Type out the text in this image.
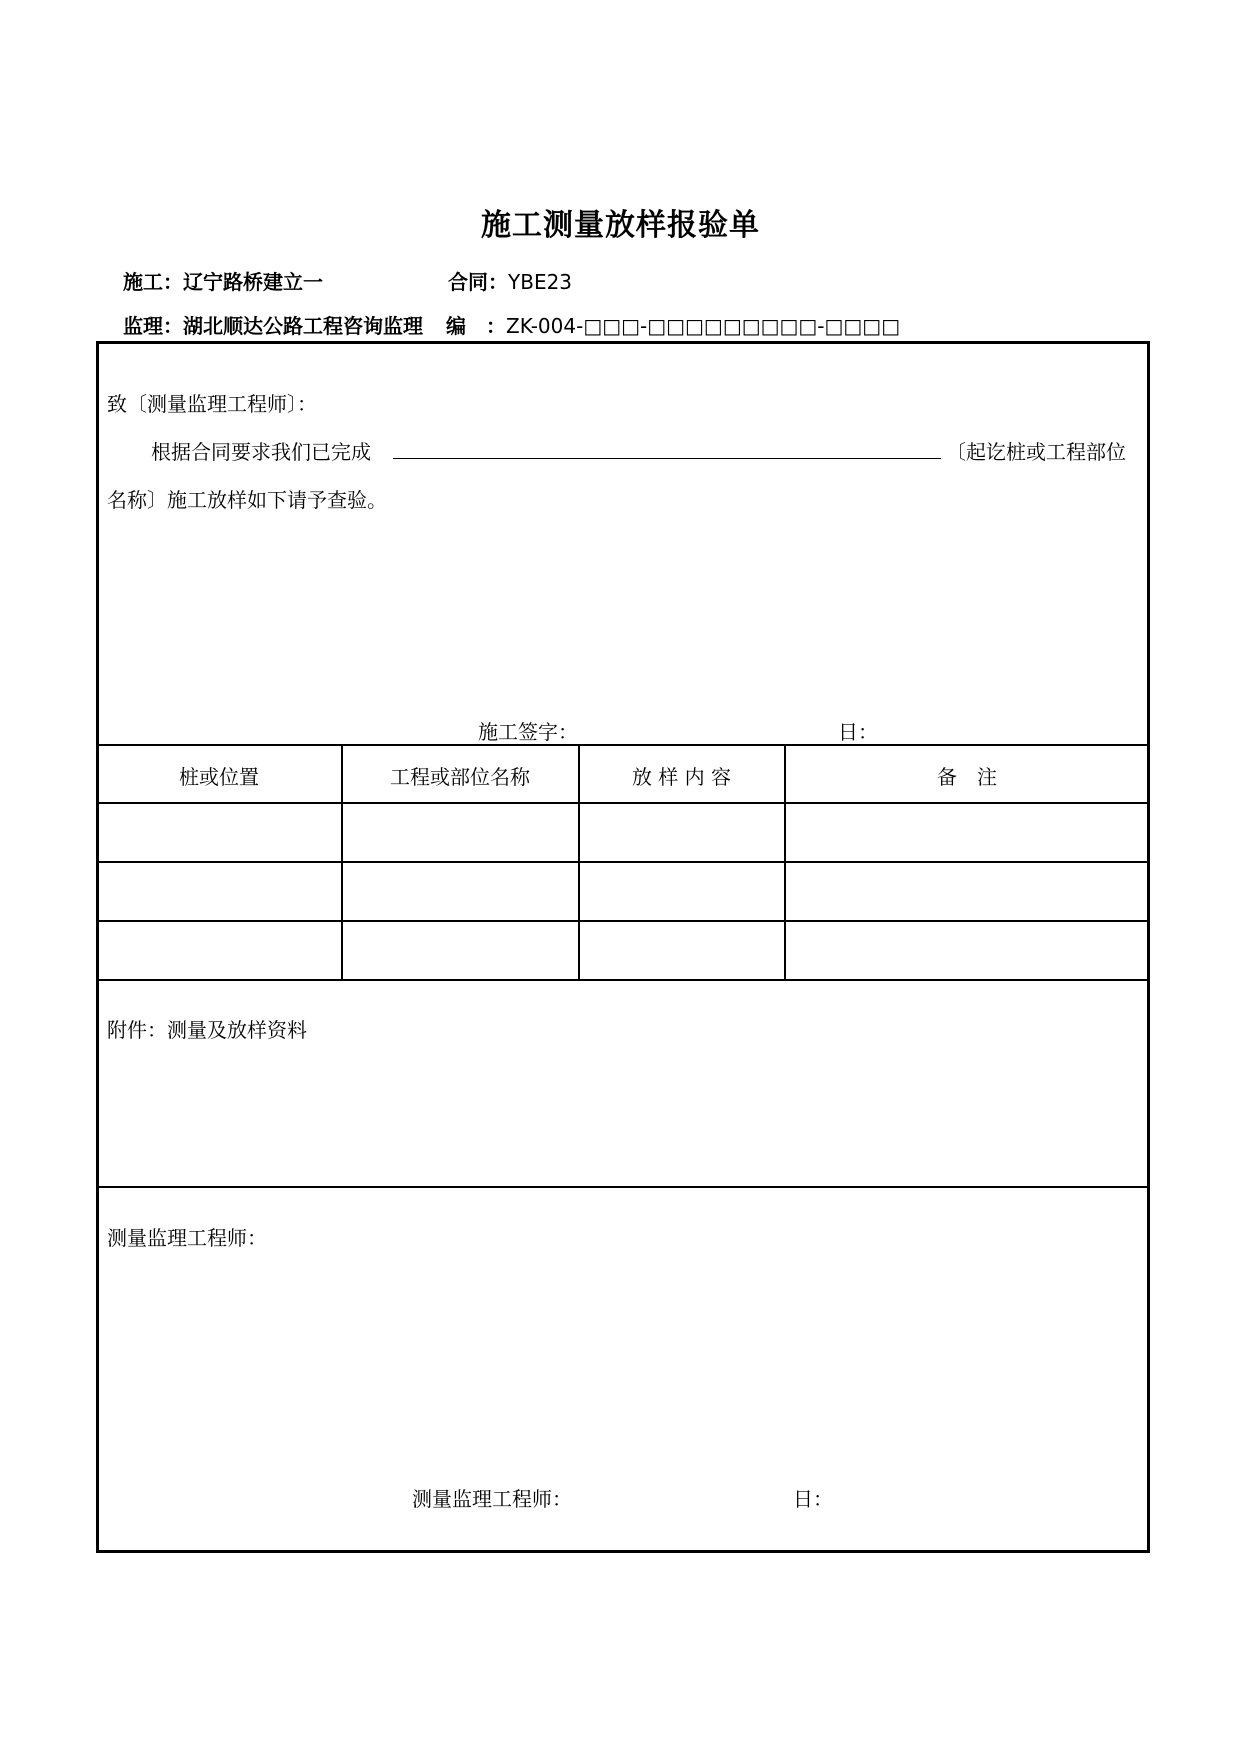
施工测量放样报验单
施工：辽宁路桥建立一	合同：YBE23
监理：湖北顺达公路工程咨询监理 编　：ZK-004-□□□-□□□□□□□□□-□□□□
致〔测量监理工程师〕：
根据合同要求我们已完成	〔起讫桩或工程部位
名称〕施工放样如下请予查验。
施工签字：	日：
桩或位置	工程或部位名称	放 样 内 容	备　注
附件：测量及放样资料
测量监理工程师：
测量监理工程师：	日：
